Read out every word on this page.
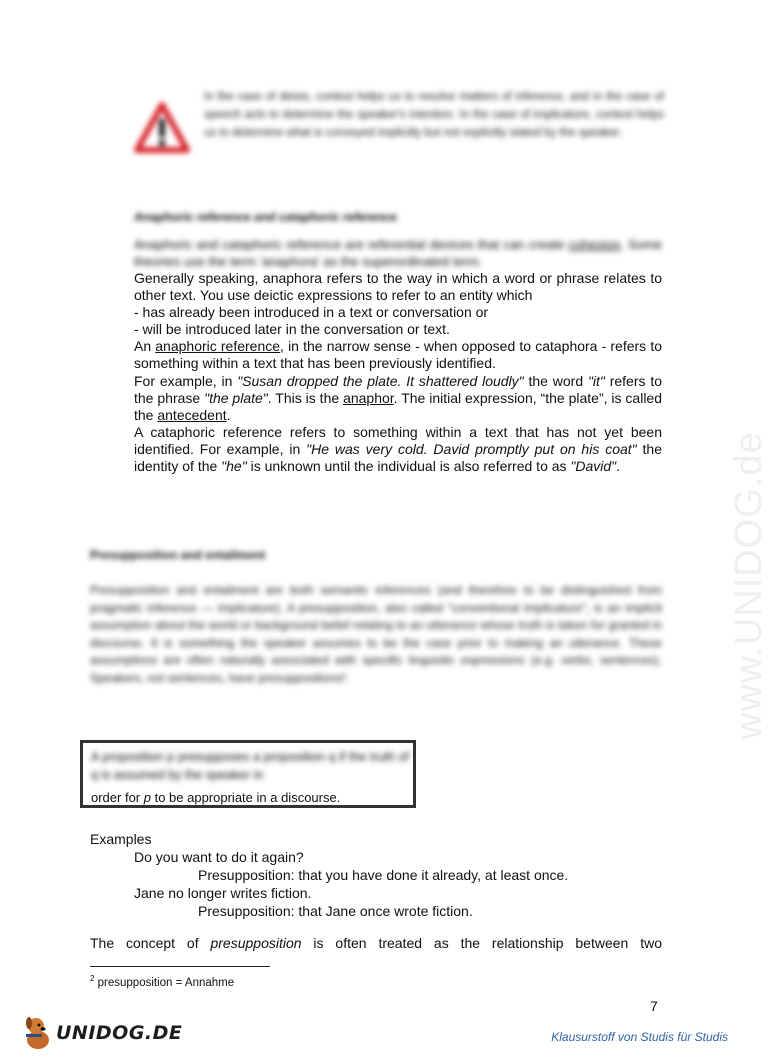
www.UNIDOG.de
In the case of deixis, context helps us to resolve matters of inference, and in the case of speech acts to determine the speaker's intention. In the case of implicature, context helps us to determine what is conveyed implicitly but not explicitly stated by the speaker.
Anaphoric reference and cataphoric reference
Anaphoric and cataphoric reference are referential devices that can create cohesion. Some theories use the term 'anaphora' as the superordinated term.

Generally speaking, anaphora refers to the way in which a word or phrase relates to other text. You use deictic expressions to refer to an entity which

- has already been introduced in a text or conversation or

- will be introduced later in the conversation or text.

An anaphoric reference, in the narrow sense - when opposed to cataphora - refers to something within a text that has been previously identified.

For example, in "Susan dropped the plate. It shattered loudly" the word "it" refers to the phrase "the plate". This is the anaphor. The initial expression, “the plate”, is called the antecedent.

A cataphoric reference refers to something within a text that has not yet been identified. For example, in "He was very cold. David promptly put on his coat" the identity of the "he" is unknown until the individual is also referred to as "David".

Presupposition and entailment
Presupposition and entailment are both semantic inferences (and therefore to be distinguished from pragmatic inference — implicature). A presupposition, also called "conventional implicature", is an implicit assumption about the world or background belief relating to an utterance whose truth is taken for granted in discourse. It is something the speaker assumes to be the case prior to making an utterance. These assumptions are often naturally associated with specific linguistic expressions (e.g. verbs, sentences). Speakers, not sentences, have presuppositions².
A proposition p presupposes a proposition q if the truth of q is assumed by the speaker in
order for p to be appropriate in a discourse.
Examples
Do you want to do it again?
Presupposition: that you have done it already, at least once.
Jane no longer writes fiction.
Presupposition: that Jane once wrote fiction.
The concept of presupposition is often treated as the relationship between two
$^2$ presupposition = Annahme
7
UNIDOG.DE	Klausurstoff von Studis für Studis
